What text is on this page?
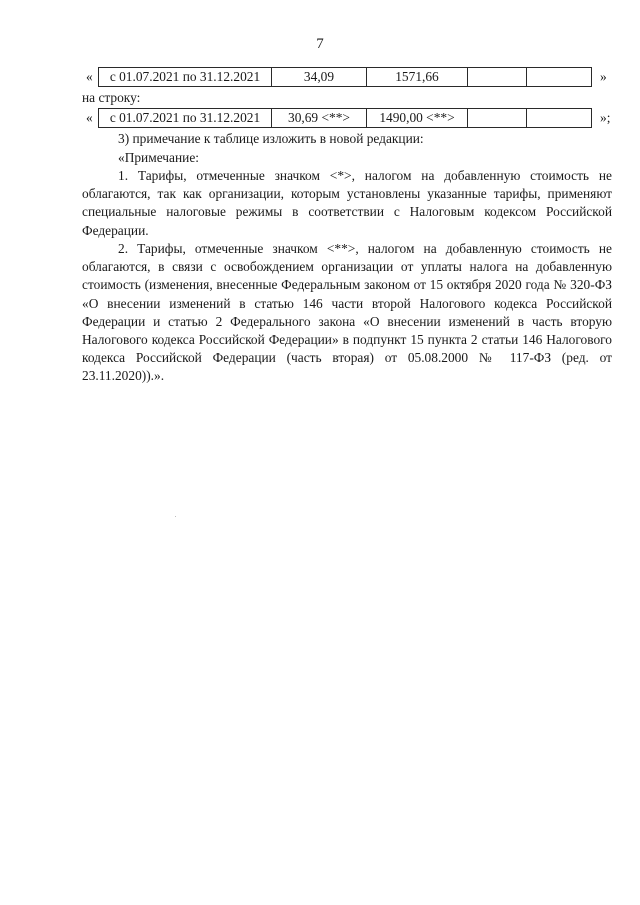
7
« с 01.07.2021 по 31.12.2021	34,09	1571,66			»
на строку:
« с 01.07.2021 по 31.12.2021	30,69 <**>	1490,00 <**>			»;
3) примечание к таблице изложить в новой редакции:
«Примечание:
1. Тарифы, отмеченные значком <*>, налогом на добавленную стоимость не облагаются, так как организации, которым установлены указанные тарифы, применяют специальные налоговые режимы в соответствии с Налоговым кодексом Российской Федерации.
2. Тарифы, отмеченные значком <**>, налогом на добавленную стоимость не облагаются, в связи с освобождением организации от уплаты налога на добавленную стоимость (изменения, внесенные Федеральным законом от 15 октября 2020 года № 320-ФЗ «О внесении изменений в статью 146 части второй Налогового кодекса Российской Федерации и статью 2 Федерального закона «О внесении изменений в часть вторую Налогового кодекса Российской Федерации» в подпункт 15 пункта 2 статьи 146 Налогового кодекса Российской Федерации (часть вторая) от 05.08.2000 № 117-ФЗ (ред. от 23.11.2020)).».
